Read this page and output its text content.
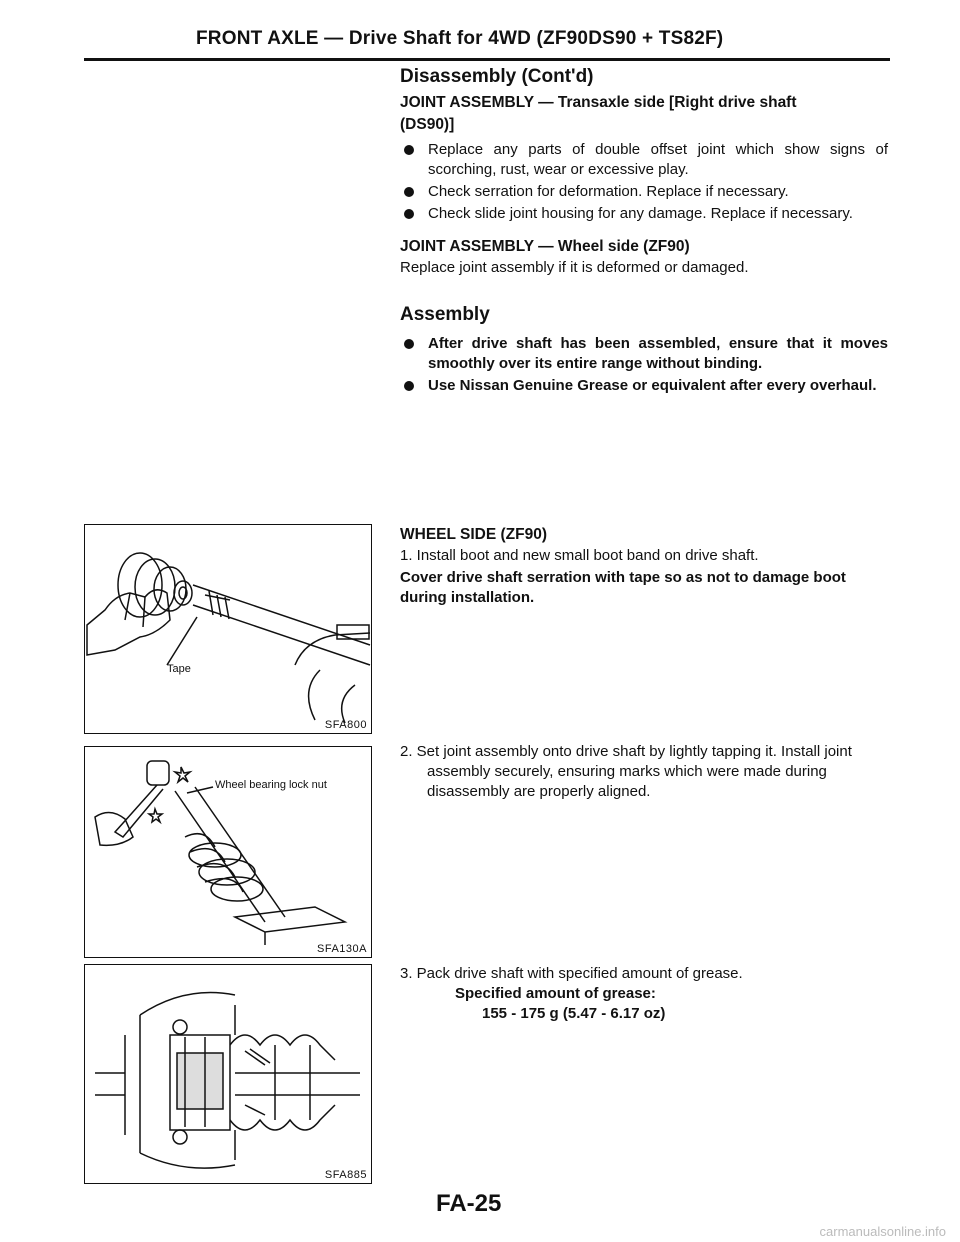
FRONT AXLE — Drive Shaft for 4WD (ZF90DS90 + TS82F)
Disassembly (Cont'd)
JOINT ASSEMBLY — Transaxle side [Right drive shaft
(DS90)]
Replace any parts of double offset joint which show signs of scorching, rust, wear or excessive play.
Check serration for deformation. Replace if necessary.
Check slide joint housing for any damage. Replace if necessary.
JOINT ASSEMBLY — Wheel side (ZF90)

Replace joint assembly if it is deformed or damaged.

Assembly
After drive shaft has been assembled, ensure that it moves smoothly over its entire range without binding.
Use Nissan Genuine Grease or equivalent after every overhaul.
WHEEL SIDE (ZF90)

1. Install boot and new small boot band on drive shaft.

Cover drive shaft serration with tape so as not to damage boot during installation.

2. Set joint assembly onto drive shaft by lightly tapping it. Install joint assembly securely, ensuring marks which were made during disassembly are properly aligned.

3. Pack drive shaft with specified amount of grease.

Specified amount of grease:
155 - 175 g (5.47 - 6.17 oz)
Tape
SFA800
Wheel bearing lock nut
SFA130A
SFA885
FA-25
carmanualsonline.info
